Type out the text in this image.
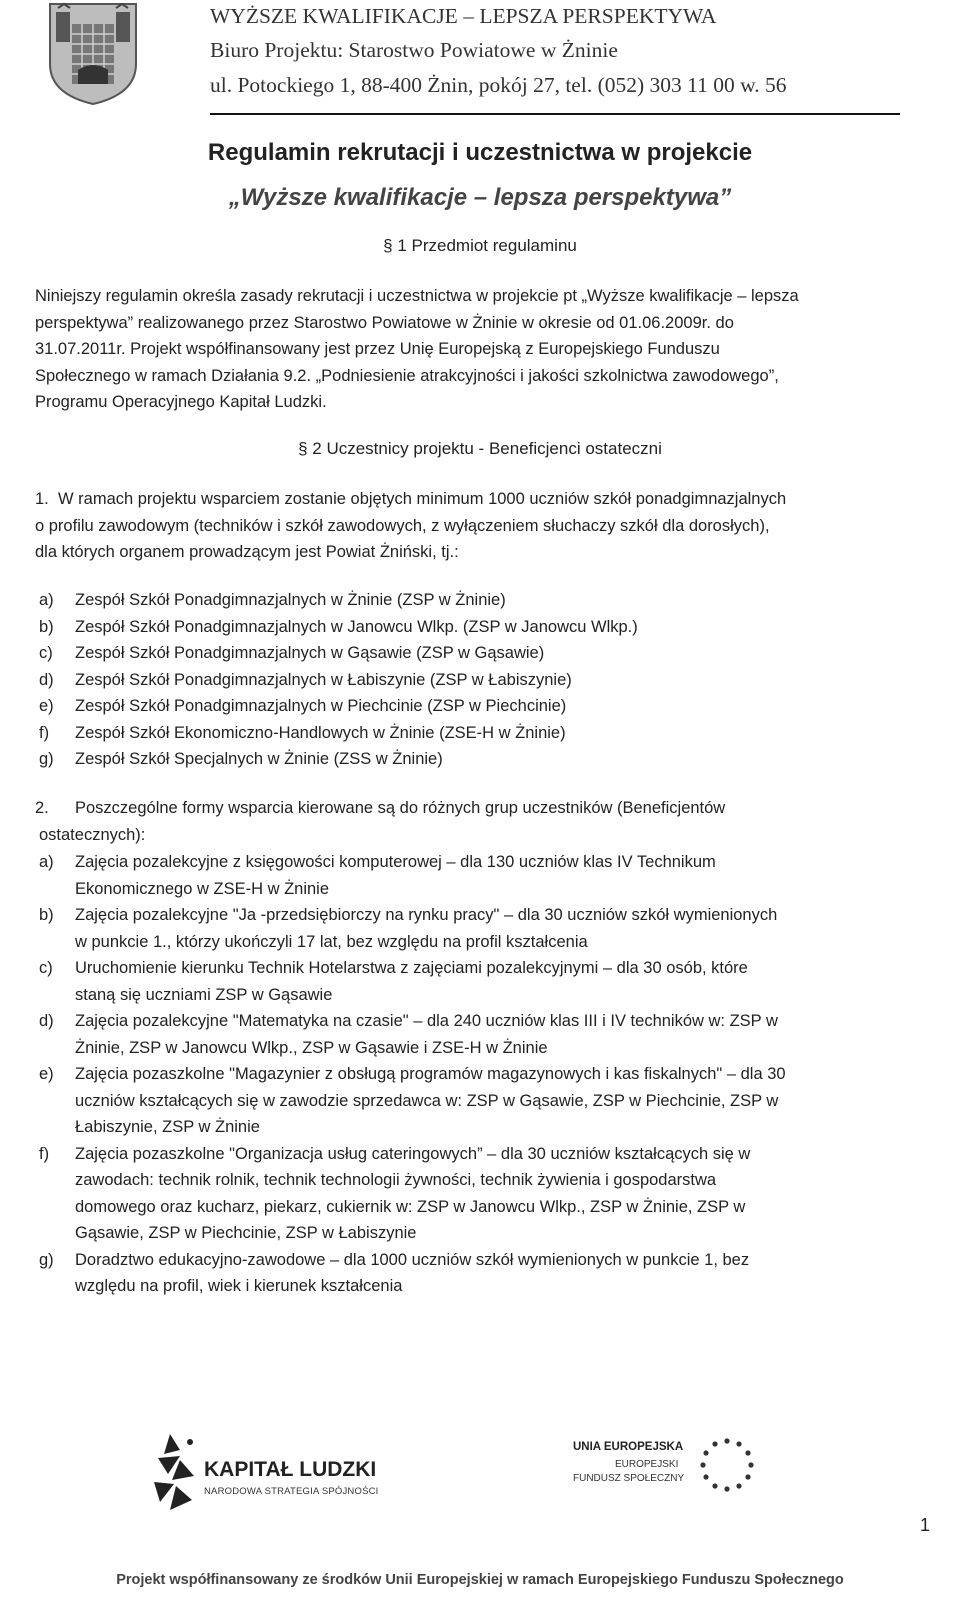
WYŻSZE KWALIFIKACJE – LEPSZA PERSPEKTYWA
Biuro Projektu: Starostwo Powiatowe w Żninie
ul. Potockiego 1, 88-400 Żnin, pokój 27, tel. (052) 303 11 00 w. 56
Regulamin rekrutacji i uczestnictwa w projekcie
„Wyższe kwalifikacje – lepsza perspektywa”
§ 1 Przedmiot regulaminu
Niniejszy regulamin określa zasady rekrutacji i uczestnictwa w projekcie pt „Wyższe kwalifikacje – lepsza
perspektywa” realizowanego przez Starostwo Powiatowe w Żninie w okresie od 01.06.2009r. do
31.07.2011r. Projekt współfinansowany jest przez Unię Europejską z Europejskiego Funduszu
Społecznego w ramach Działania 9.2. „Podniesienie atrakcyjności i jakości szkolnictwa zawodowego”,
Programu Operacyjnego Kapitał Ludzki.
§ 2 Uczestnicy projektu - Beneficjenci ostateczni
1. W ramach projektu wsparciem zostanie objętych minimum 1000 uczniów szkół ponadgimnazjalnych
o profilu zawodowym (techników i szkół zawodowych, z wyłączeniem słuchaczy szkół dla dorosłych),
dla których organem prowadzącym jest Powiat Żniński, tj.:
a) Zespół Szkół Ponadgimnazjalnych w Żninie (ZSP w Żninie)
b) Zespół Szkół Ponadgimnazjalnych w Janowcu Wlkp. (ZSP w Janowcu Wlkp.)
c) Zespół Szkół Ponadgimnazjalnych w Gąsawie (ZSP w Gąsawie)
d) Zespół Szkół Ponadgimnazjalnych w Łabiszynie (ZSP w Łabiszynie)
e) Zespół Szkół Ponadgimnazjalnych w Piechcinie (ZSP w Piechcinie)
f) Zespół Szkół Ekonomiczno-Handlowych w Żninie (ZSE-H w Żninie)
g) Zespół Szkół Specjalnych w Żninie (ZSS w Żninie)
2.	Poszczególne formy wsparcia kierowane są do różnych grup uczestników (Beneficjentów
ostatecznych):
a) Zajęcia pozalekcyjne z księgowości komputerowej – dla 130 uczniów klas IV Technikum
Ekonomicznego w ZSE-H w Żninie
b) Zajęcia pozalekcyjne "Ja -przedsiębiorczy na rynku pracy" – dla 30 uczniów szkół wymienionych
w punkcie 1., którzy ukończyli 17 lat, bez względu na profil kształcenia
c) Uruchomienie kierunku Technik Hotelarstwa z zajęciami pozalekcyjnymi – dla 30 osób, które
staną się uczniami ZSP w Gąsawie
d) Zajęcia pozalekcyjne "Matematyka na czasie" – dla 240 uczniów klas III i IV techników w: ZSP w
Żninie, ZSP w Janowcu Wlkp., ZSP w Gąsawie i ZSE-H w Żninie
e) Zajęcia pozaszkolne "Magazynier z obsługą programów magazynowych i kas fiskalnych" – dla 30
uczniów kształcących się w zawodzie sprzedawca w: ZSP w Gąsawie, ZSP w Piechcinie, ZSP w
Łabiszynie, ZSP w Żninie
f) Zajęcia pozaszkolne "Organizacja usług cateringowych” – dla 30 uczniów kształcących się w
zawodach: technik rolnik, technik technologii żywności, technik żywienia i gospodarstwa
domowego oraz kucharz, piekarz, cukiernik w: ZSP w Janowcu Wlkp., ZSP w Żninie, ZSP w
Gąsawie, ZSP w Piechcinie, ZSP w Łabiszynie
g) Doradztwo edukacyjno-zawodowe – dla 1000 uczniów szkół wymienionych w punkcie 1, bez
względu na profil, wiek i kierunek kształcenia
KAPITAŁ LUDZKI
NARODOWA STRATEGIA SPÓJNOŚCI
UNIA EUROPEJSKA
EUROPEJSKI
FUNDUSZ SPOŁECZNY
1
Projekt współfinansowany ze środków Unii Europejskiej w ramach Europejskiego Funduszu Społecznego
